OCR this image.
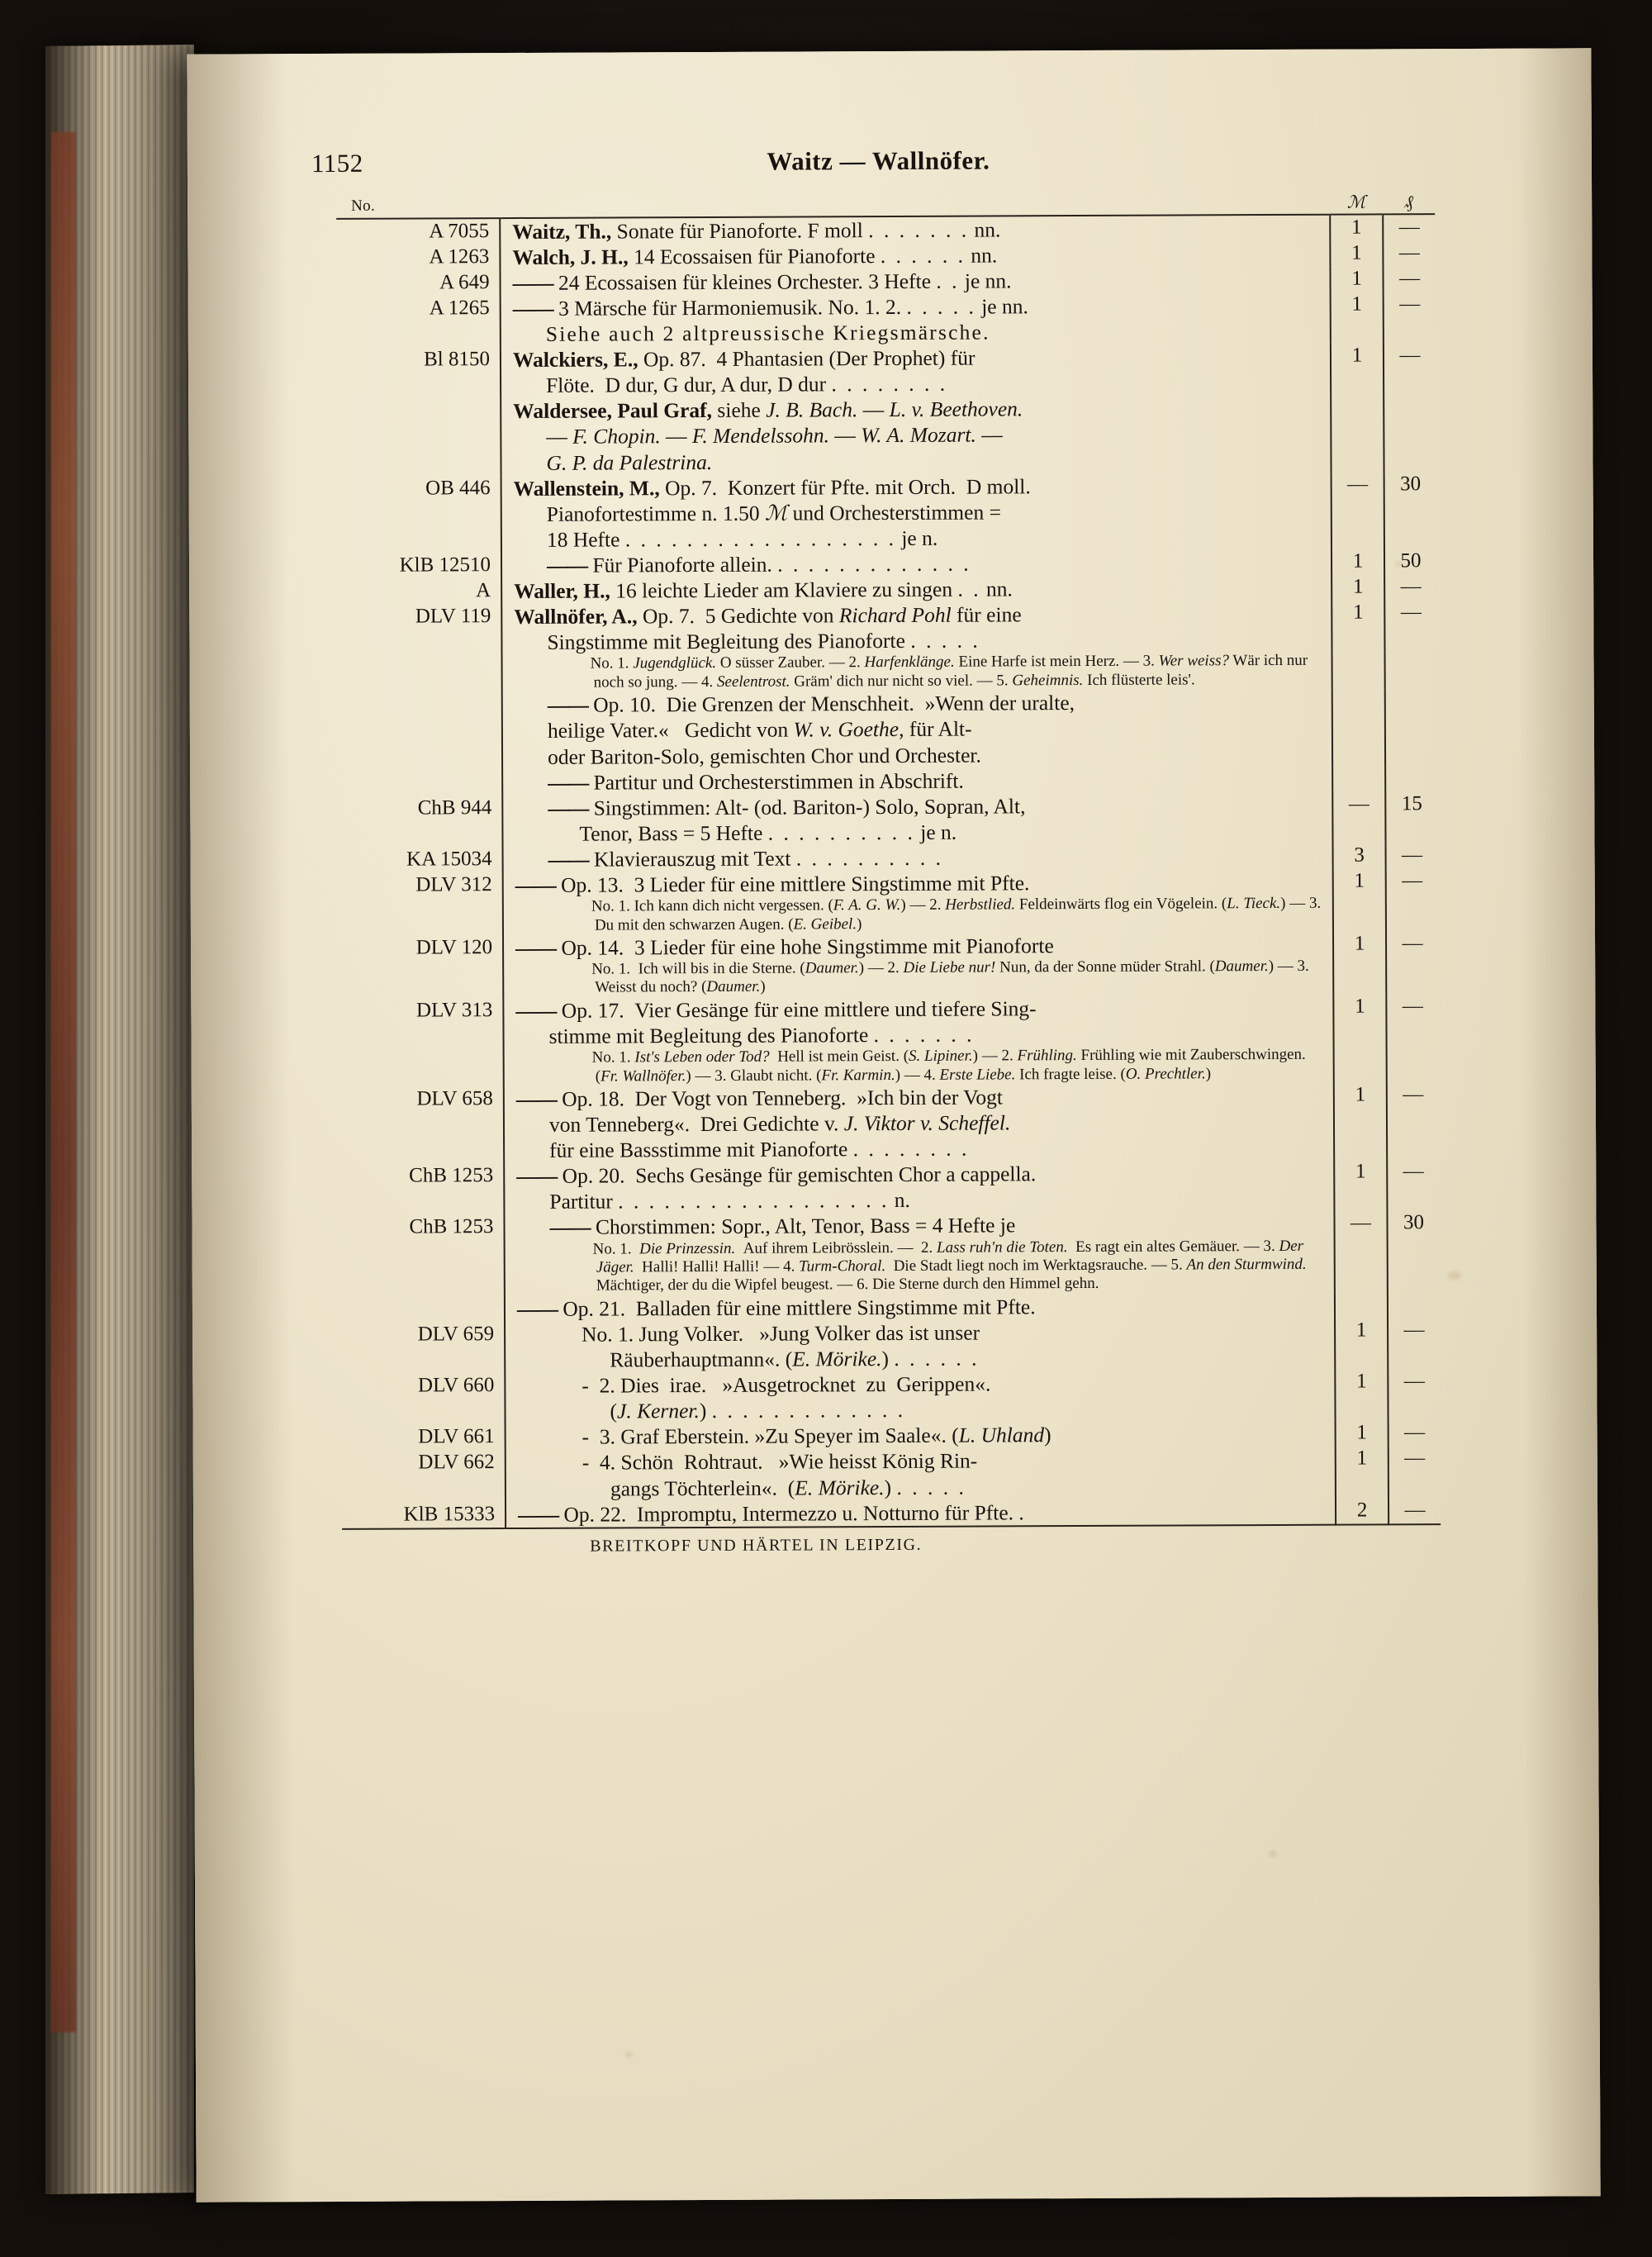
1152	Waitz — Wallnöfer.
No.		ℳ	₰
A 7055	Waitz, Th., Sonate für Pianoforte. F moll . . . . . . . nn.	1	—
A 1263	Walch, J. H., 14 Ecossaisen für Pianoforte . . . . . . nn.	1	—
A 649	—— 24 Ecossaisen für kleines Orchester. 3 Hefte . . je nn.	1	—
A 1265	—— 3 Märsche für Harmoniemusik. No. 1. 2. . . . . . je nn.	1	—

	Siehe auch 2 altpreussische Kriegsmärsche.		

Bl 8150	Walckiers, E., Op. 87.  4 Phantasien (Der Prophet) für
Flöte.  D dur, G dur, A dur, D dur . . . . . . . .	1	—

	Waldersee, Paul Graf, siehe J. B. Bach. — L. v. Beethoven.
— F. Chopin. — F. Mendelssohn. — W. A. Mozart. —
G. P. da Palestrina.		

OB 446	Wallenstein, M., Op. 7.  Konzert für Pfte. mit Orch.  D moll.
Pianofortestimme n. 1.50 ℳ und Orchesterstimmen =
18 Hefte . . . . . . . . . . . . . . . . . . je n.	—	30
KlB 12510	—— Für Pianoforte allein. . . . . . . . . . . . . .	1	50
A	Waller, H., 16 leichte Lieder am Klaviere zu singen . . nn.	1	—
DLV 119	Wallnöfer, A., Op. 7.  5 Gedichte von Richard Pohl für eine
Singstimme mit Begleitung des Pianoforte . . . . .	1	—

	No. 1. Jugendglück. O süsser Zauber. — 2. Harfenklänge. Eine Harfe ist mein Herz. — 3. Wer weiss? Wär ich nur noch so jung. — 4. Seelentrost. Gräm' dich nur nicht so viel. — 5. Geheimnis. Ich flüsterte leis'.		

	—— Op. 10.  Die Grenzen der Menschheit.  »Wenn der uralte,
heilige Vater.«   Gedicht von W. v. Goethe, für Alt-
oder Bariton-Solo, gemischten Chor und Orchester.		

	—— Partitur und Orchesterstimmen in Abschrift.		

ChB 944	—— Singstimmen: Alt- (od. Bariton-) Solo, Sopran, Alt,
Tenor, Bass = 5 Hefte . . . . . . . . . . je n.	—	15
KA 15034	—— Klavierauszug mit Text . . . . . . . . . .	3	—
DLV 312	—— Op. 13.  3 Lieder für eine mittlere Singstimme mit Pfte.
No. 1. Ich kann dich nicht vergessen. (F. A. G. W.) — 2. Herbstlied. Feldeinwärts flog ein Vögelein. (L. Tieck.) — 3. Du mit den schwarzen Augen. (E. Geibel.)	1	—
DLV 120	—— Op. 14.  3 Lieder für eine hohe Singstimme mit Pianoforte
No. 1.  Ich will bis in die Sterne. (Daumer.) — 2. Die Liebe nur! Nun, da der Sonne müder Strahl. (Daumer.) — 3. Weisst du noch? (Daumer.)	1	—
DLV 313	—— Op. 17.  Vier Gesänge für eine mittlere und tiefere Sing-
stimme mit Begleitung des Pianoforte . . . . . . .
No. 1. Ist's Leben oder Tod?  Hell ist mein Geist. (S. Lipiner.) — 2. Frühling. Frühling wie mit Zauberschwingen. (Fr. Wallnöfer.) — 3. Glaubt nicht. (Fr. Karmin.) — 4. Erste Liebe. Ich fragte leise. (O. Prechtler.)	1	—
DLV 658	—— Op. 18.  Der Vogt von Tenneberg.  »Ich bin der Vogt
von Tenneberg«.  Drei Gedichte v. J. Viktor v. Scheffel.
für eine Bassstimme mit Pianoforte . . . . . . . .	1	—
ChB 1253	—— Op. 20.  Sechs Gesänge für gemischten Chor a cappella.
Partitur . . . . . . . . . . . . . . . . . . n.	1	—
ChB 1253	—— Chorstimmen: Sopr., Alt, Tenor, Bass = 4 Hefte je
No. 1.  Die Prinzessin.  Auf ihrem Leibrösslein. —  2. Lass ruh'n die Toten.  Es ragt ein altes Gemäuer. — 3. Der Jäger.  Halli! Halli! Halli! — 4. Turm-Choral.  Die Stadt liegt noch im Werktagsrauche. — 5. An den Sturmwind. Mächtiger, der du die Wipfel beugest. — 6. Die Sterne durch den Himmel gehn.	—	30

	—— Op. 21.  Balladen für eine mittlere Singstimme mit Pfte.		

DLV 659	No. 1. Jung Volker.   »Jung Volker das ist unser
Räuberhauptmann«. (E. Mörike.) . . . . . .	1	—
DLV 660	-  2. Dies  irae.   »Ausgetrocknet  zu  Gerippen«.
(J. Kerner.) . . . . . . . . . . . . .	1	—
DLV 661	-  3. Graf Eberstein. »Zu Speyer im Saale«. (L. Uhland)	1	—
DLV 662	-  4. Schön  Rohtraut.   »Wie heisst König Rin-
gangs Töchterlein«.  (E. Mörike.) . . . . .	1	—
KlB 15333	—— Op. 22.  Impromptu, Intermezzo u. Notturno für Pfte. .	2	—
BREITKOPF UND HÄRTEL IN LEIPZIG.
